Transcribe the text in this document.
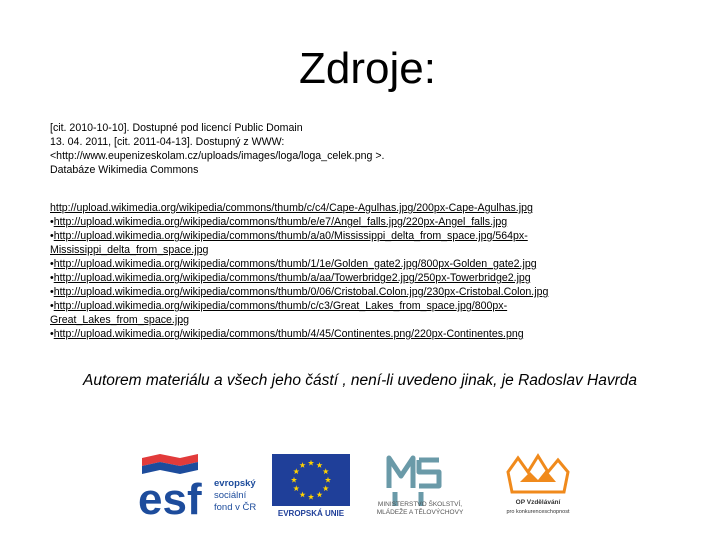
Zdroje:
[cit. 2010-10-10]. Dostupné pod licencí Public Domain
13. 04. 2011, [cit. 2011-04-13]. Dostupný z WWW:
<http://www.eupenizeskolam.cz/uploads/images/loga/loga_celek.png >.
Databáze Wikimedia Commons
http://upload.wikimedia.org/wikipedia/commons/thumb/c/c4/Cape-Agulhas.jpg/200px-Cape-Agulhas.jpg
•http://upload.wikimedia.org/wikipedia/commons/thumb/e/e7/Angel_falls.jpg/220px-Angel_falls.jpg
•http://upload.wikimedia.org/wikipedia/commons/thumb/a/a0/Mississippi_delta_from_space.jpg/564px-
Mississippi_delta_from_space.jpg
•http://upload.wikimedia.org/wikipedia/commons/thumb/1/1e/Golden_gate2.jpg/800px-Golden_gate2.jpg
•http://upload.wikimedia.org/wikipedia/commons/thumb/a/aa/Towerbridge2.jpg/250px-Towerbridge2.jpg
•http://upload.wikimedia.org/wikipedia/commons/thumb/0/06/Cristobal.Colon.jpg/230px-Cristobal.Colon.jpg
•http://upload.wikimedia.org/wikipedia/commons/thumb/c/c3/Great_Lakes_from_space.jpg/800px-
Great_Lakes_from_space.jpg
•http://upload.wikimedia.org/wikipedia/commons/thumb/4/45/Continentes.png/220px-Continentes.png
Autorem materiálu a všech jeho částí , není-li uvedeno jinak, je Radoslav Havrda
esf evropský
sociální
fond v ČR
EVROPSKÁ UNIE
MINISTERSTVO ŠKOLSTVÍ,
MLÁDEŽE A TĚLOVÝCHOVY
OP Vzdělávání
pro konkurenceschopnost
